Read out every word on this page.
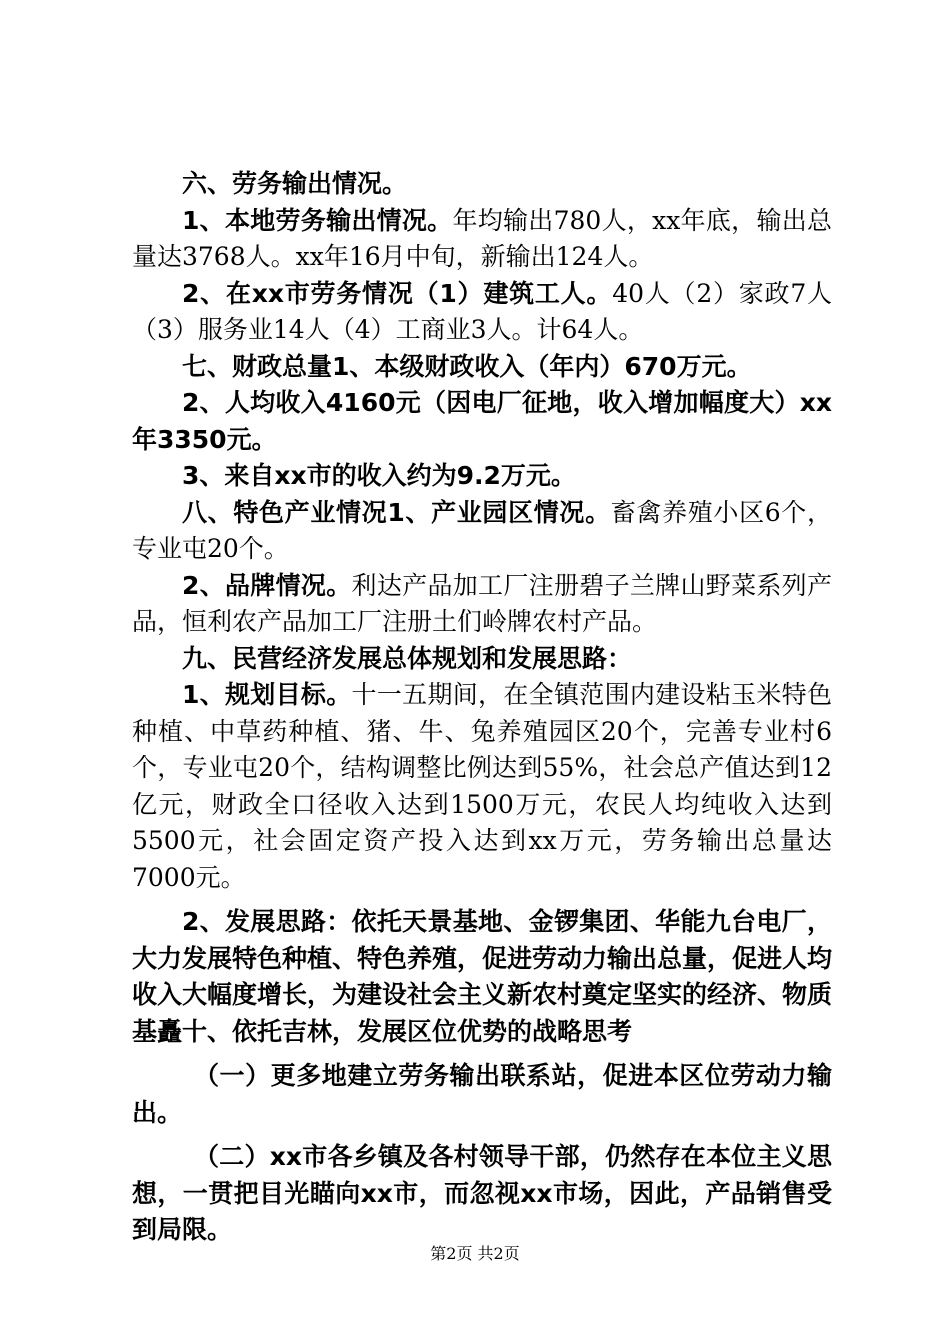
六、劳务输出情况。

1、本地劳务输出情况。年均输出780人，xx年底，输出总量达3768人。xx年16月中旬，新输出124人。

2、在xx市劳务情况（1）建筑工人。40人（2）家政7人（3）服务业14人（4）工商业3人。计64人。

七、财政总量1、本级财政收入（年内）670万元。

2、人均收入4160元（因电厂征地，收入增加幅度大）xx年3350元。

3、来自xx市的收入约为9.2万元。

八、特色产业情况1、产业园区情况。畜禽养殖小区6个，专业屯20个。

2、品牌情况。利达产品加工厂注册碧子兰牌山野菜系列产品，恒利农产品加工厂注册土们岭牌农村产品。

九、民营经济发展总体规划和发展思路：

1、规划目标。十一五期间，在全镇范围内建设粘玉米特色种植、中草药种植、猪、牛、兔养殖园区20个，完善专业村6个，专业屯20个，结构调整比例达到55%，社会总产值达到12亿元，财政全口径收入达到1500万元，农民人均纯收入达到5500元，社会固定资产投入达到xx万元，劳务输出总量达7000元。

2、发展思路：依托天景基地、金锣集团、华能九台电厂，大力发展特色种植、特色养殖，促进劳动力输出总量，促进人均收入大幅度增长，为建设社会主义新农村奠定坚实的经济、物质基矗十、依托吉林，发展区位优势的战略思考

（一）更多地建立劳务输出联系站，促进本区位劳动力输出。

（二）xx市各乡镇及各村领导干部，仍然存在本位主义思想，一贯把目光瞄向xx市，而忽视xx市场，因此，产品销售受到局限。

第2页 共2页
